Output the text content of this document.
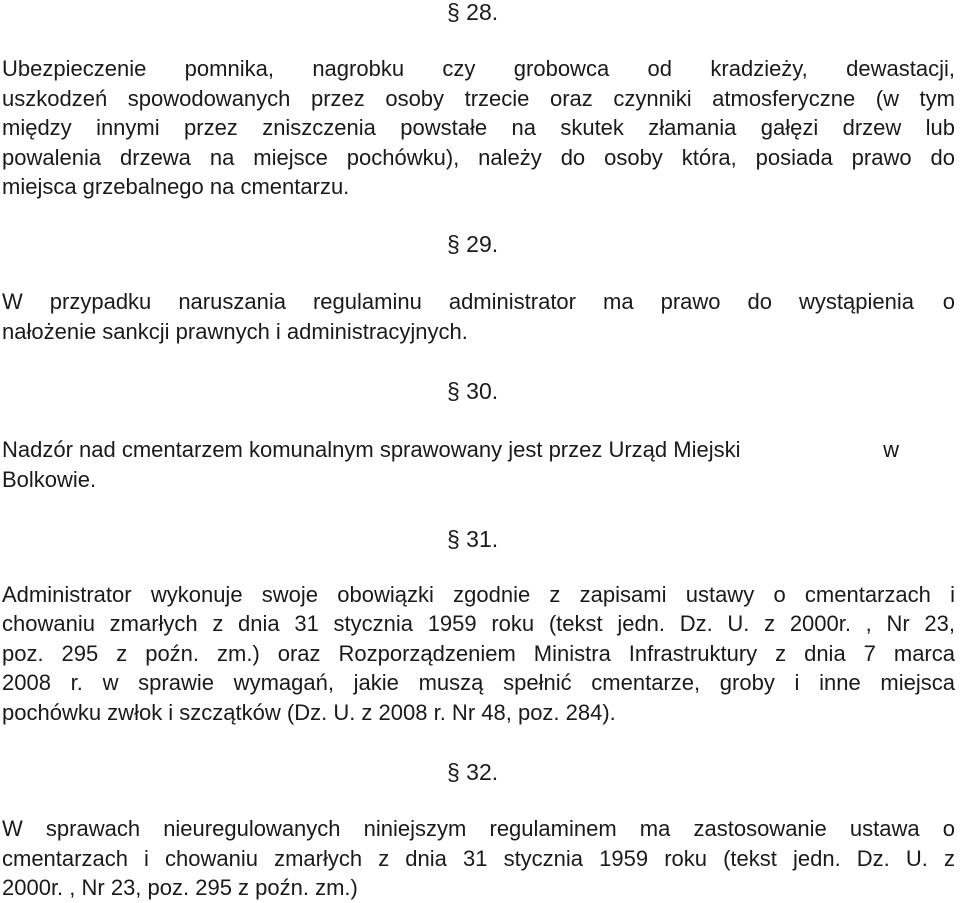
§ 28.
Ubezpieczenie pomnika, nagrobku czy grobowca od kradzieży, dewastacji,
uszkodzeń spowodowanych przez osoby trzecie oraz czynniki atmosferyczne (w tym
między innymi przez zniszczenia powstałe na skutek złamania gałęzi drzew lub
powalenia drzewa na miejsce pochówku), należy do osoby która, posiada prawo do
miejsca grzebalnego na cmentarzu.
§ 29.
W przypadku naruszania regulaminu administrator ma prawo do wystąpienia o
nałożenie sankcji prawnych i administracyjnych.
§ 30.
Nadzór nad cmentarzem komunalnym sprawowany jest przez Urząd Miejski	w
Bolkowie.
§ 31.
Administrator wykonuje swoje obowiązki zgodnie z zapisami ustawy o cmentarzach i
chowaniu zmarłych z dnia 31 stycznia 1959 roku (tekst jedn. Dz. U. z 2000r. , Nr 23,
poz. 295 z poźn. zm.) oraz Rozporządzeniem Ministra Infrastruktury z dnia 7 marca
2008 r. w sprawie wymagań, jakie muszą spełnić cmentarze, groby i inne miejsca
pochówku zwłok i szczątków (Dz. U. z 2008 r. Nr 48, poz. 284).
§ 32.
W sprawach nieuregulowanych niniejszym regulaminem ma zastosowanie ustawa o
cmentarzach i chowaniu zmarłych z dnia 31 stycznia 1959 roku (tekst jedn. Dz. U. z
2000r. , Nr 23, poz. 295 z poźn. zm.)
